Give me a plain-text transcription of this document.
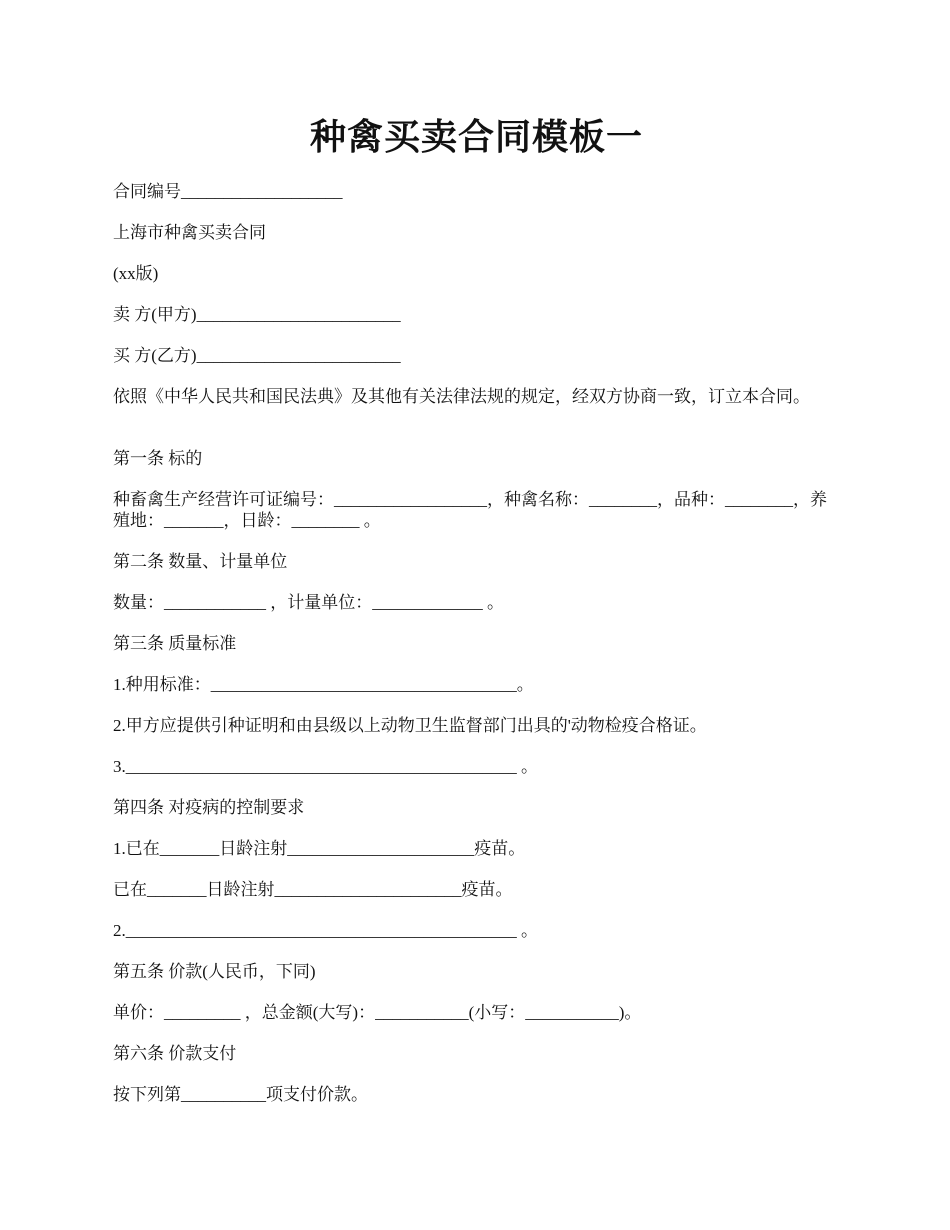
种禽买卖合同模板一
合同编号___________________
上海市种禽买卖合同
(xx版)
卖 方(甲方)________________________
买 方(乙方)________________________
依照《中华人民共和国民法典》及其他有关法律法规的规定，经双方协商一致，订立本合同。
第一条 标的
种畜禽生产经营许可证编号：__________________，种禽名称：________，品种：________，养殖地：_______，日龄：________ 。
第二条 数量、计量单位
数量：____________ ，计量单位：_____________ 。
第三条 质量标准
1.种用标准：____________________________________。
2.甲方应提供引种证明和由县级以上动物卫生监督部门出具的'动物检疫合格证。
3.______________________________________________ 。
第四条 对疫病的控制要求
1.已在_______日龄注射______________________疫苗。
已在_______日龄注射______________________疫苗。
2.______________________________________________ 。
第五条 价款(人民币，下同)
单价：_________ ，总金额(大写)：___________(小写：___________)。
第六条 价款支付
按下列第__________项支付价款。
